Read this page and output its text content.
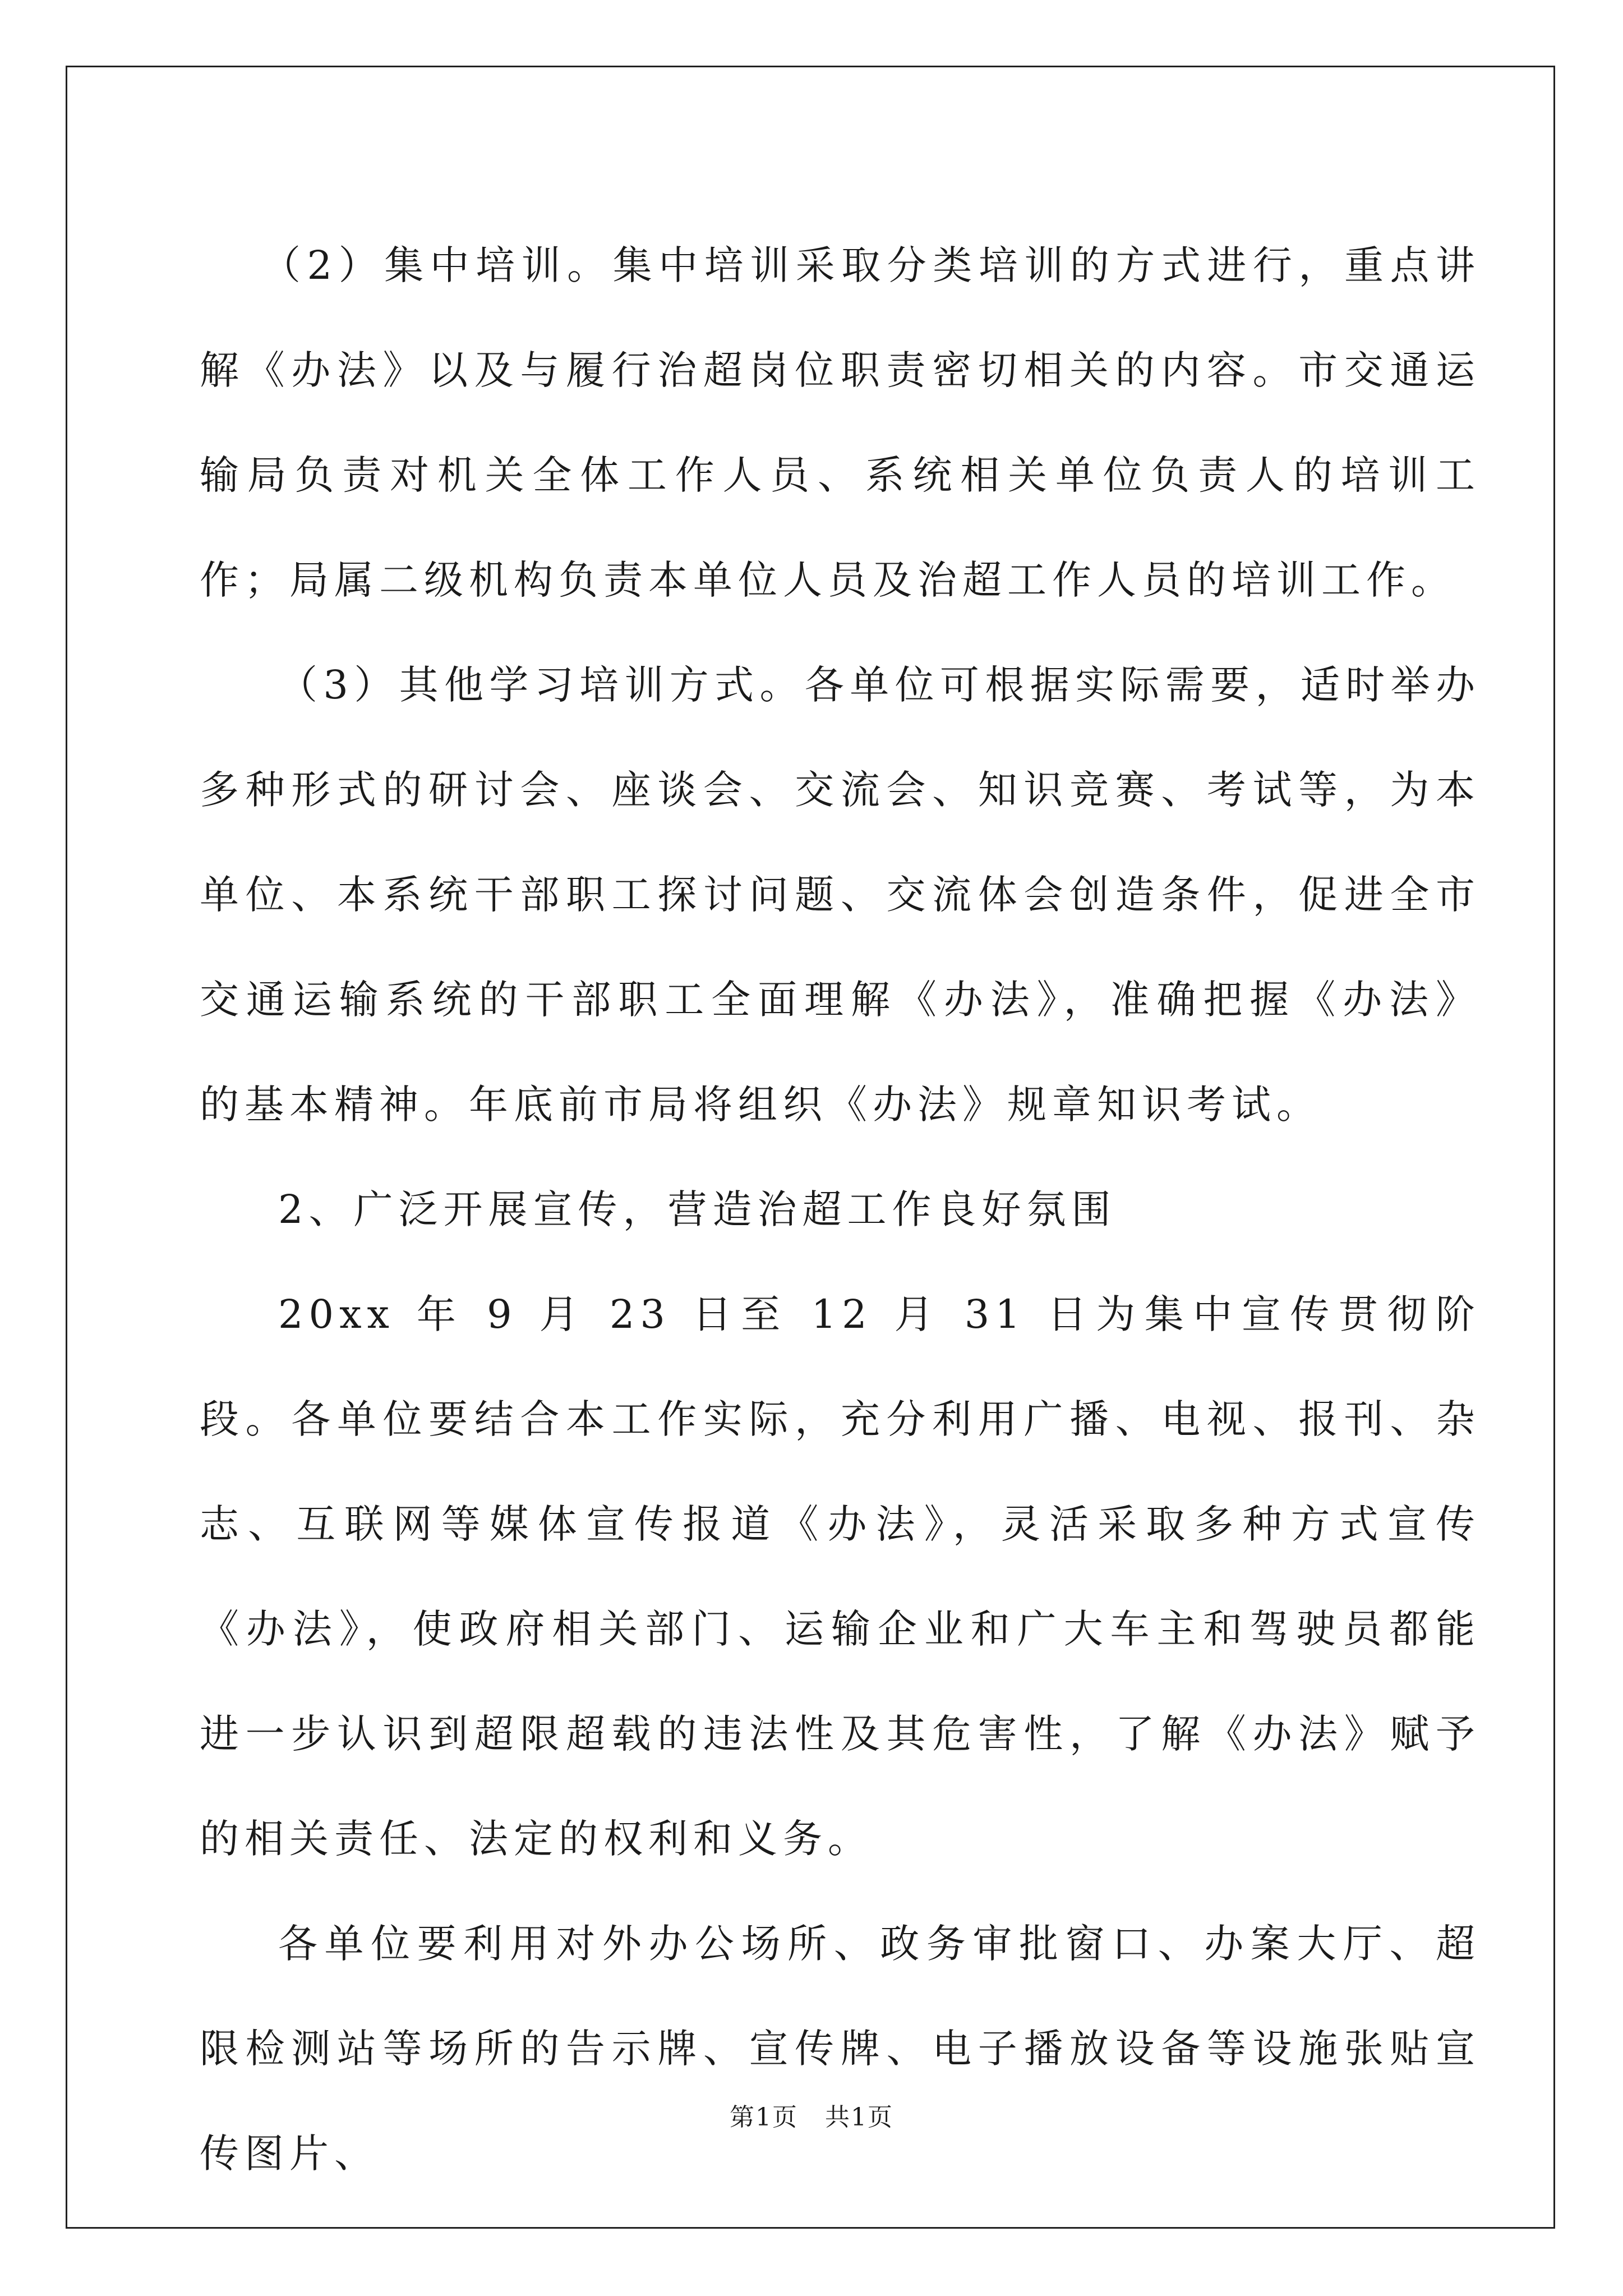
（2）集中培训。集中培训采取分类培训的方式进行，重点讲解《办法》以及与履行治超岗位职责密切相关的内容。市交通运输局负责对机关全体工作人员、系统相关单位负责人的培训工作；局属二级机构负责本单位人员及治超工作人员的培训工作。

（3）其他学习培训方式。各单位可根据实际需要，适时举办多种形式的研讨会、座谈会、交流会、知识竞赛、考试等，为本单位、本系统干部职工探讨问题、交流体会创造条件，促进全市交通运输系统的干部职工全面理解《办法》，准确把握《办法》的基本精神。年底前市局将组织《办法》规章知识考试。

2、广泛开展宣传，营造治超工作良好氛围

20xx 年 9 月 23 日至 12 月 31 日为集中宣传贯彻阶段。各单位要结合本工作实际，充分利用广播、电视、报刊、杂志、互联网等媒体宣传报道《办法》，灵活采取多种方式宣传《办法》，使政府相关部门、运输企业和广大车主和驾驶员都能进一步认识到超限超载的违法性及其危害性，了解《办法》赋予的相关责任、法定的权利和义务。

各单位要利用对外办公场所、政务审批窗口、办案大厅、超限检测站等场所的告示牌、宣传牌、电子播放设备等设施张贴宣传图片、

第1页 共1页
